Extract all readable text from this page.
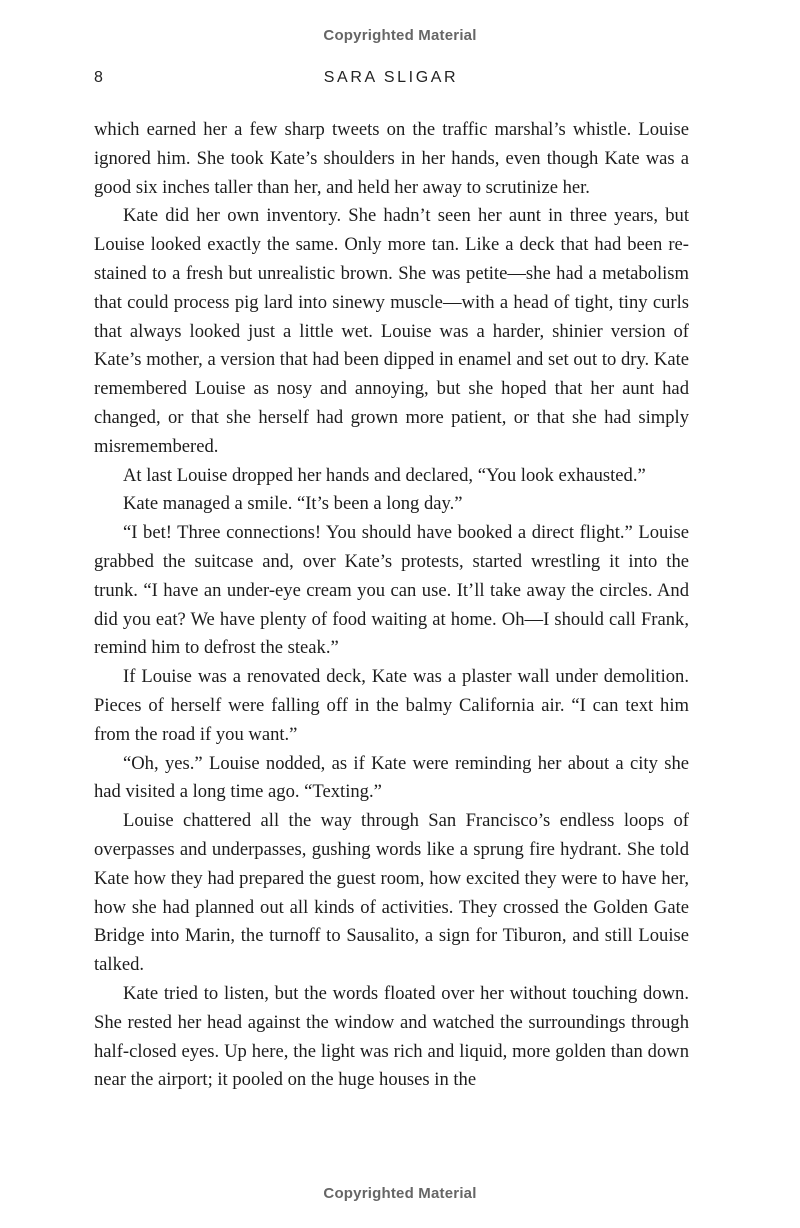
Copyrighted Material
8	SARA SLIGAR

which earned her a few sharp tweets on the traffic marshal’s whistle. Louise ignored him. She took Kate’s shoulders in her hands, even though Kate was a good six inches taller than her, and held her away to scrutinize her.

Kate did her own inventory. She hadn’t seen her aunt in three years, but Louise looked exactly the same. Only more tan. Like a deck that had been re-stained to a fresh but unrealistic brown. She was petite—she had a metabolism that could process pig lard into sinewy muscle—with a head of tight, tiny curls that always looked just a little wet. Louise was a harder, shinier version of Kate’s mother, a version that had been dipped in enamel and set out to dry. Kate remembered Louise as nosy and annoying, but she hoped that her aunt had changed, or that she herself had grown more patient, or that she had simply misremembered.

At last Louise dropped her hands and declared, “You look exhausted.”

Kate managed a smile. “It’s been a long day.”

“I bet! Three connections! You should have booked a direct flight.” Louise grabbed the suitcase and, over Kate’s protests, started wrestling it into the trunk. “I have an under-eye cream you can use. It’ll take away the circles. And did you eat? We have plenty of food waiting at home. Oh—I should call Frank, remind him to defrost the steak.”

If Louise was a renovated deck, Kate was a plaster wall under demolition. Pieces of herself were falling off in the balmy California air. “I can text him from the road if you want.”

“Oh, yes.” Louise nodded, as if Kate were reminding her about a city she had visited a long time ago. “Texting.”

Louise chattered all the way through San Francisco’s endless loops of overpasses and underpasses, gushing words like a sprung fire hydrant. She told Kate how they had prepared the guest room, how excited they were to have her, how she had planned out all kinds of activities. They crossed the Golden Gate Bridge into Marin, the turnoff to Sausalito, a sign for Tiburon, and still Louise talked.

Kate tried to listen, but the words floated over her without touching down. She rested her head against the window and watched the surroundings through half-closed eyes. Up here, the light was rich and liquid, more golden than down near the airport; it pooled on the huge houses in the

Copyrighted Material
